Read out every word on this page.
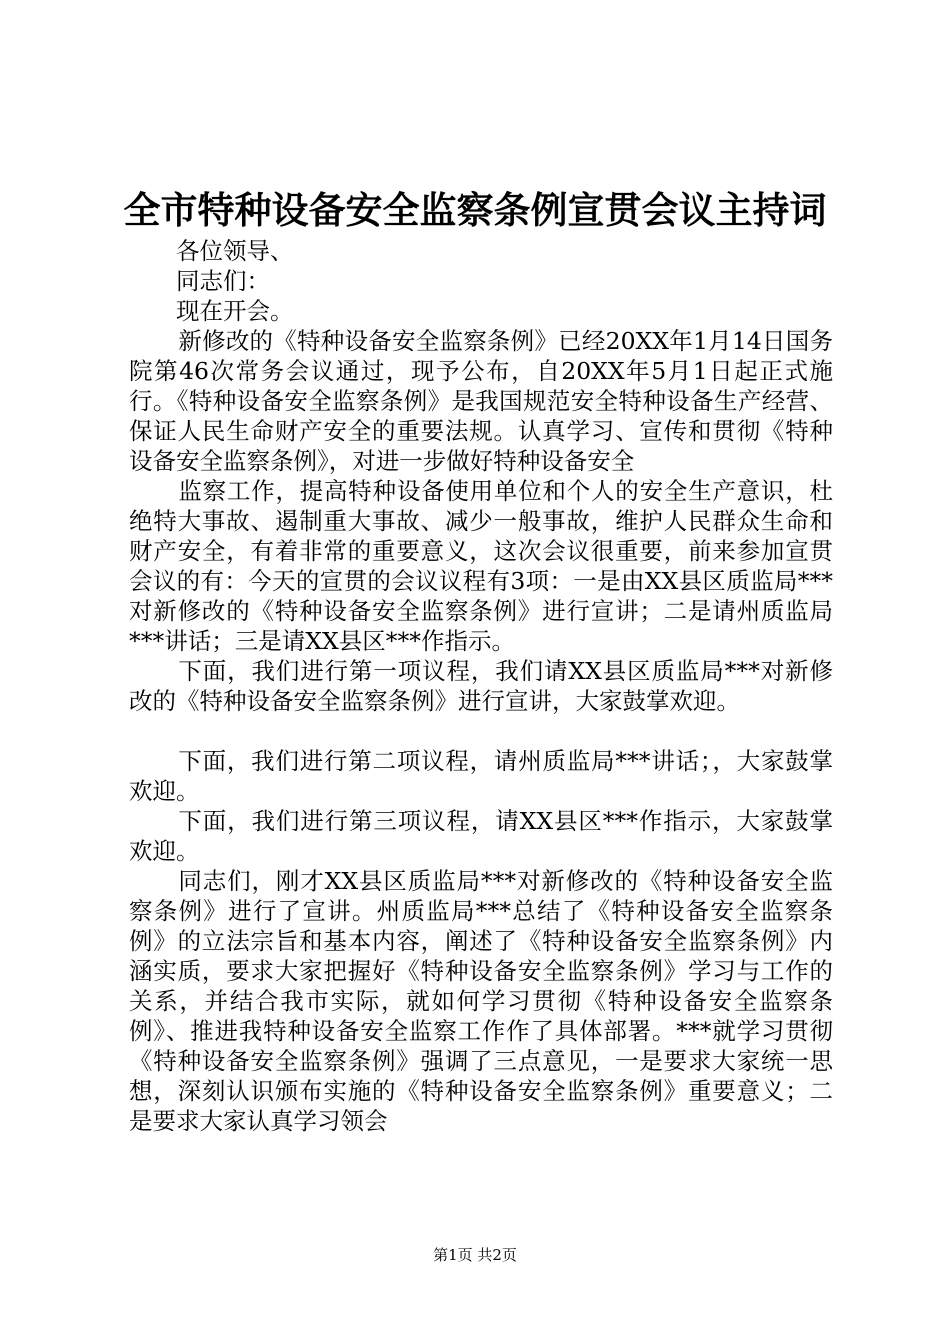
全市特种设备安全监察条例宣贯会议主持词

各位领导、

同志们：

现在开会。

新修改的《特种设备安全监察条例》已经20XX年1月14日国务院第46次常务会议通过，现予公布，自20XX年5月1日起正式施行。《特种设备安全监察条例》是我国规范安全特种设备生产经营、保证人民生命财产安全的重要法规。认真学习、宣传和贯彻《特种设备安全监察条例》，对进一步做好特种设备安全

监察工作，提高特种设备使用单位和个人的安全生产意识，杜绝特大事故、遏制重大事故、减少一般事故，维护人民群众生命和财产安全，有着非常的重要意义，这次会议很重要，前来参加宣贯会议的有：今天的宣贯的会议议程有3项：一是由XX县区质监局***对新修改的《特种设备安全监察条例》进行宣讲；二是请州质监局***讲话；三是请XX县区***作指示。

下面，我们进行第一项议程，我们请XX县区质监局***对新修改的《特种设备安全监察条例》进行宣讲，大家鼓掌欢迎。

下面，我们进行第二项议程，请州质监局***讲话；，大家鼓掌欢迎。

下面，我们进行第三项议程，请XX县区***作指示，大家鼓掌欢迎。

同志们，刚才XX县区质监局***对新修改的《特种设备安全监察条例》进行了宣讲。州质监局***总结了《特种设备安全监察条例》的立法宗旨和基本内容，阐述了《特种设备安全监察条例》内涵实质，要求大家把握好《特种设备安全监察条例》学习与工作的关系，并结合我市实际，就如何学习贯彻《特种设备安全监察条例》、推进我特种设备安全监察工作作了具体部署。***就学习贯彻《特种设备安全监察条例》强调了三点意见，一是要求大家统一思想，深刻认识颁布实施的《特种设备安全监察条例》重要意义；二是要求大家认真学习领会

第1页 共2页
